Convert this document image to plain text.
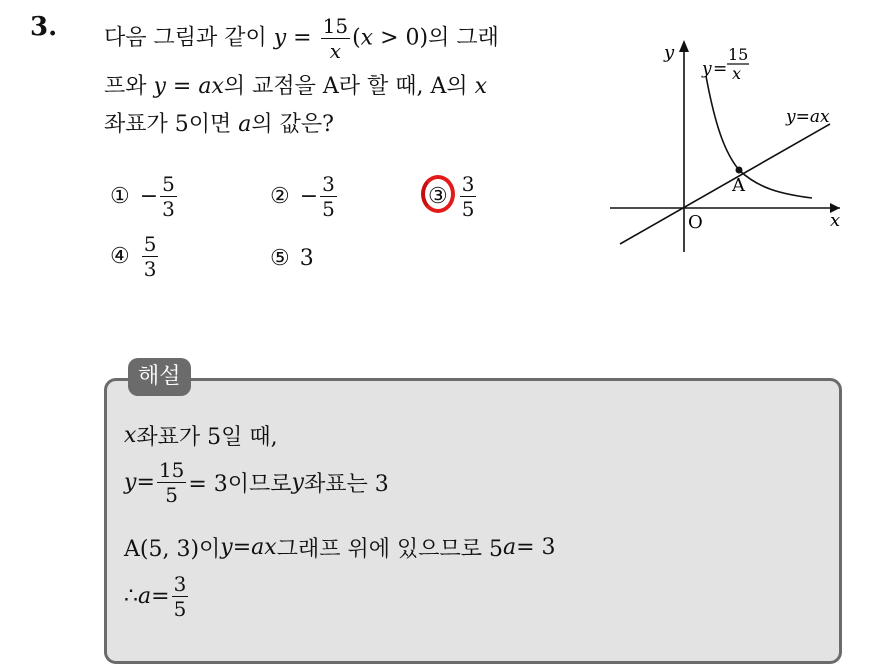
3. 다음 그림과 같이 $y = \frac{15}{x} (x > 0)$의 그래
프와 y = ax의 교점을 A라 할 때, A의 x
좌표가 5이면 a의 값은?
① − $\frac{5}{3}$	② − $\frac{3}{5}$	③ $\frac{3}{5}$
④ $\frac{5}{3}$	⑤ 3
A
O
y
x
y =
15
x
y=ax
해설
x 좌표가 5일 때,
$y = \frac{15}{5} = 3$이므로 y 좌표는 3
A(5, 3)이 y = ax 그래프 위에 있으므로 5 a = 3
∴ $a = \frac{3}{5}$
